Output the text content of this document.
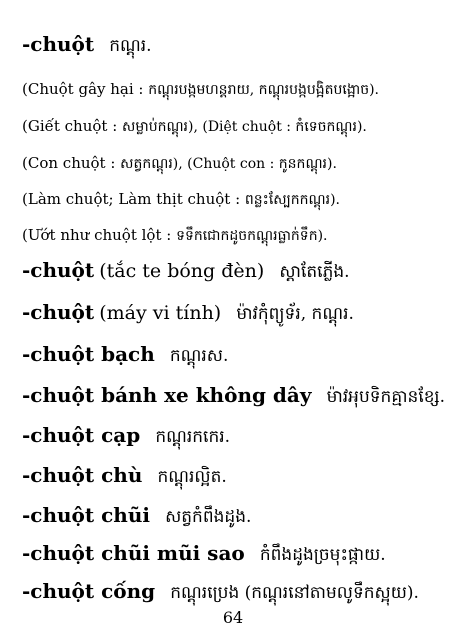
-chuột កណ្ដុរ.
(Chuột gây hại : កណ្ដុរបង្កមហន្តរាយ, កណ្ដុរបង្កបង្អិតបង្អោច).
(Giết chuột : សម្លាប់កណ្ដុរ), (Diệt chuột : កំទេចកណ្ដុរ).
(Con chuột : សត្វកណ្ដុរ), (Chuột con : កូនកណ្ដុរ).
(Làm chuột; Làm thịt chuột : ពន្លះស្បែកកណ្ដុរ).
(Ướt như chuột lột : ទទឹកជោកដូចកណ្ដុរធ្លាក់ទឹក).
-chuột (tắc te bóng đèn) ស្ដាតែភ្លើង.
-chuột (máy vi tính) ម៉ាវកុំព្យូទ័រ, កណ្ដុរ.
-chuột bạch កណ្ដុរស.
-chuột bánh xe không dây ម៉ាវអុបទិកគ្មានខ្សែ.
-chuột cạp កណ្ដុរកកេរ.
-chuột chù កណ្ដុរល្អិត.
-chuột chũi សត្វកំពឹងដូង.
-chuột chũi mũi sao កំពឹងដូងច្រមុះផ្កាយ.
-chuột cống កណ្ដុរប្រេង (កណ្ដុរនៅតាមលូទឹកស្អុយ).
64
